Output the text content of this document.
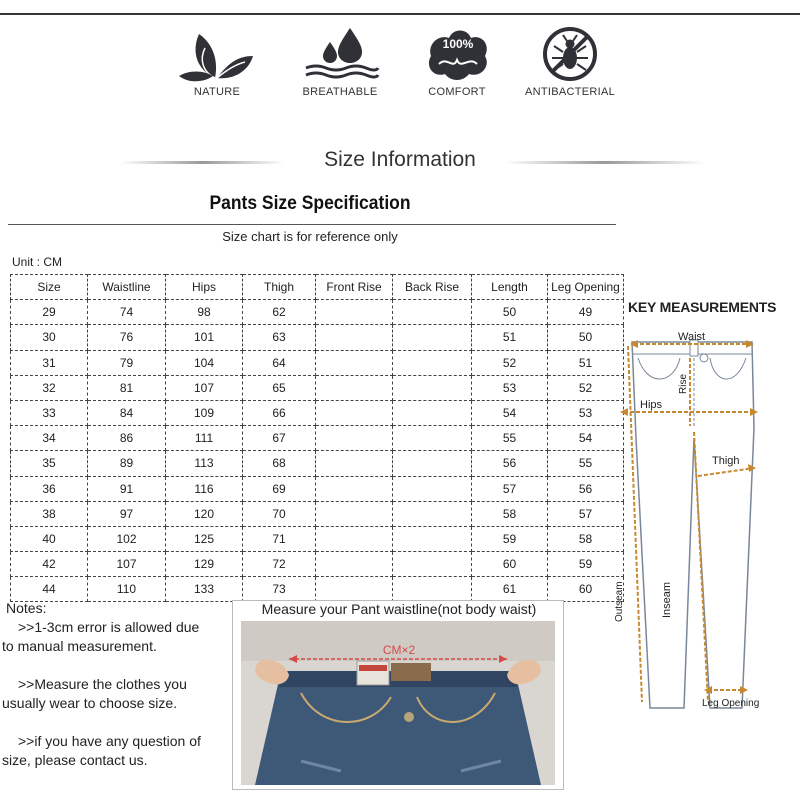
NATURE	BREATHABLE
100%
COMFORT	ANTIBACTERIAL
Size Information
Pants Size Specification
Size chart is for reference only
Unit : CM
Size	Waistline	Hips	Thigh	Front Rise	Back Rise	Length	Leg Opening
29	74	98	62			50	49
30	76	101	63			51	50
31	79	104	64			52	51
32	81	107	65			53	52
33	84	109	66			54	53
34	86	111	67			55	54
35	89	113	68			56	55
36	91	116	69			57	56
38	97	120	70			58	57
40	102	125	71			59	58
42	107	129	72			60	59
44	110	133	73			61	60
Notes:
>>1-3cm error is allowed due
to manual measurement.
>>Measure the clothes you
usually wear to choose size.
>>if you have any question of
size, please contact us.
Measure your Pant waistline(not body waist)
CM×2
KEY MEASUREMENTS
Waist
Rise
Hips
Thigh
Inseam
Outseam
Leg Opening
